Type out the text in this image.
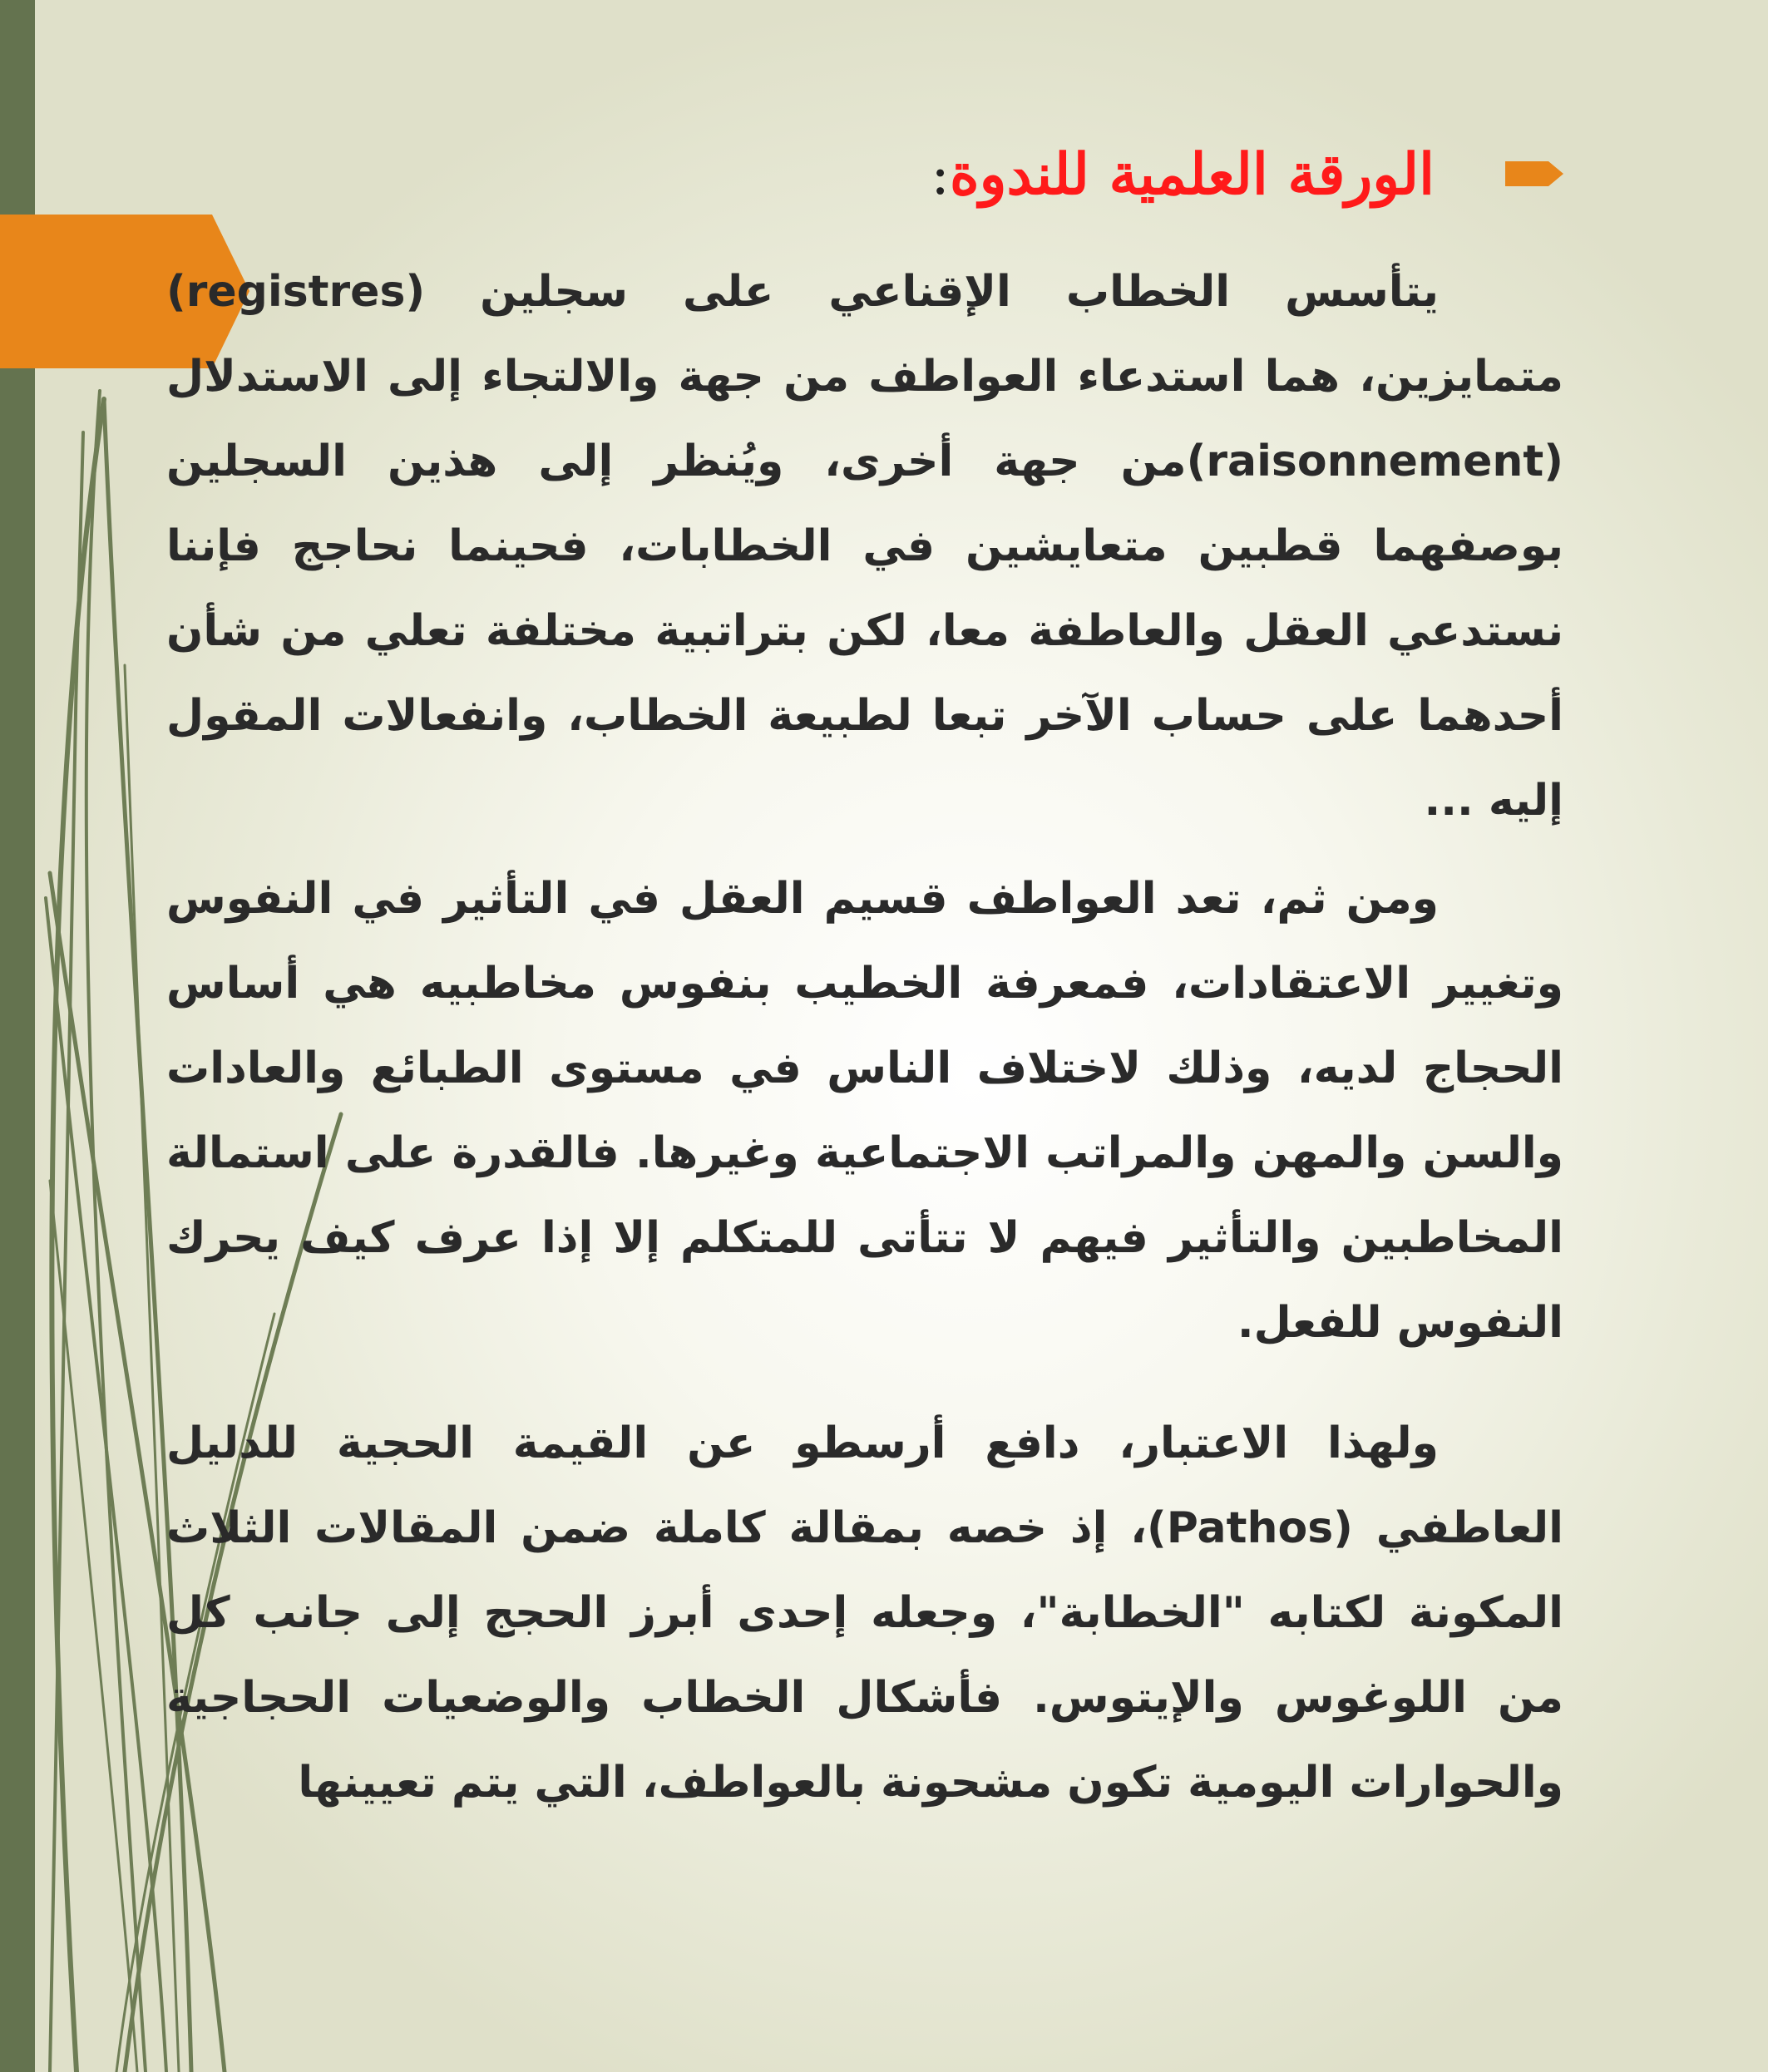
الورقة العلمية للندوة:
يتأسس الخطاب الإقناعي على سجلين (registres) متمايزين، هما استدعاء العواطف من جهة والالتجاء إلى الاستدلال (raisonnement)من جهة أخرى، ويُنظر إلى هذين السجلين بوصفهما قطبين متعايشين في الخطابات، فحينما نحاجج فإننا نستدعي العقل والعاطفة معا، لكن بتراتبية مختلفة تعلي من شأن أحدهما على حساب الآخر تبعا لطبيعة الخطاب، وانفعالات المقول إليه ...
ومن ثم، تعد العواطف قسيم العقل في التأثير في النفوس وتغيير الاعتقادات، فمعرفة الخطيب بنفوس مخاطبيه هي أساس الحجاج لديه، وذلك لاختلاف الناس في مستوى الطبائع والعادات والسن والمهن والمراتب الاجتماعية وغيرها. فالقدرة على استمالة المخاطبين والتأثير فيهم لا تتأتى للمتكلم إلا إذا عرف كيف يحرك النفوس للفعل.
ولهذا الاعتبار، دافع أرسطو عن القيمة الحجية للدليل العاطفي (Pathos)، إذ خصه بمقالة كاملة ضمن المقالات الثلاث المكونة لكتابه "الخطابة"، وجعله إحدى أبرز الحجج إلى جانب كل من اللوغوس والإيتوس. فأشكال الخطاب والوضعيات الحجاجية والحوارات اليومية تكون مشحونة بالعواطف، التي يتم تعيينها
